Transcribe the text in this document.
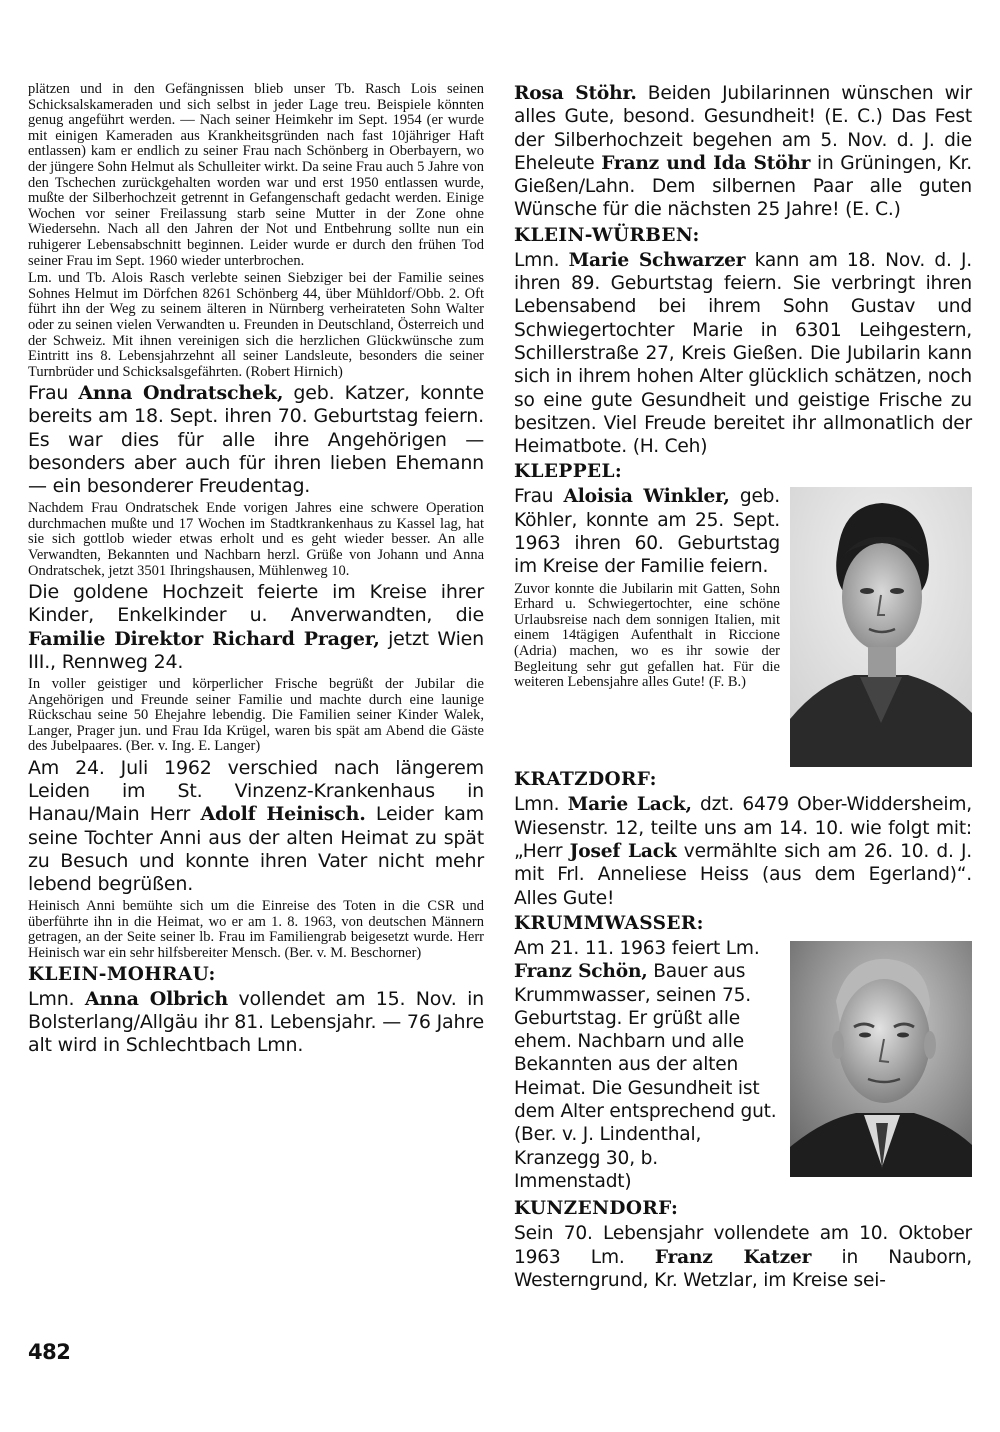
plätzen und in den Gefängnissen blieb unser Tb. Rasch Lois seinen Schicksalskameraden und sich selbst in jeder Lage treu. Beispiele könnten genug angeführt werden. — Nach seiner Heimkehr im Sept. 1954 (er wurde mit einigen Kameraden aus Krankheitsgründen nach fast 10jähriger Haft entlassen) kam er endlich zu seiner Frau nach Schönberg in Oberbayern, wo der jüngere Sohn Helmut als Schulleiter wirkt. Da seine Frau auch 5 Jahre von den Tschechen zurückgehalten worden war und erst 1950 entlassen wurde, mußte der Silberhochzeit getrennt in Gefangenschaft gedacht werden. Einige Wochen vor seiner Freilassung starb seine Mutter in der Zone ohne Wiedersehn. Nach all den Jahren der Not und Entbehrung sollte nun ein ruhigerer Lebensabschnitt beginnen. Leider wurde er durch den frühen Tod seiner Frau im Sept. 1960 wieder unterbrochen.

Lm. und Tb. Alois Rasch verlebte seinen Siebziger bei der Familie seines Sohnes Helmut im Dörfchen 8261 Schönberg 44, über Mühldorf/Obb. 2. Oft führt ihn der Weg zu seinem älteren in Nürnberg verheirateten Sohn Walter oder zu seinen vielen Verwandten u. Freunden in Deutschland, Österreich und der Schweiz. Mit ihnen vereinigen sich die herzlichen Glückwünsche zum Eintritt ins 8. Lebensjahrzehnt all seiner Landsleute, besonders die seiner Turnbrüder und Schicksalsgefährten. (Robert Hirnich)

Frau Anna Ondratschek, geb. Katzer, konnte bereits am 18. Sept. ihren 70. Geburtstag feiern. Es war dies für alle ihre Angehörigen — besonders aber auch für ihren lieben Ehemann — ein besonderer Freudentag.

Nachdem Frau Ondratschek Ende vorigen Jahres eine schwere Operation durchmachen mußte und 17 Wochen im Stadtkrankenhaus zu Kassel lag, hat sie sich gottlob wieder etwas erholt und es geht wieder besser. An alle Verwandten, Bekannten und Nachbarn herzl. Grüße von Johann und Anna Ondratschek, jetzt 3501 Ihringshausen, Mühlenweg 10.

Die goldene Hochzeit feierte im Kreise ihrer Kinder, Enkelkinder u. Anverwandten, die Familie Direktor Richard Prager, jetzt Wien III., Rennweg 24.

In voller geistiger und körperlicher Frische begrüßt der Jubilar die Angehörigen und Freunde seiner Familie und machte durch eine launige Rückschau seine 50 Ehejahre lebendig. Die Familien seiner Kinder Walek, Langer, Prager jun. und Frau Ida Krügel, waren bis spät am Abend die Gäste des Jubelpaares. (Ber. v. Ing. E. Langer)

Am 24. Juli 1962 verschied nach längerem Leiden im St. Vinzenz-Krankenhaus in Hanau/Main Herr Adolf Heinisch. Leider kam seine Tochter Anni aus der alten Heimat zu spät zu Besuch und konnte ihren Vater nicht mehr lebend begrüßen.

Heinisch Anni bemühte sich um die Einreise des Toten in die CSR und überführte ihn in die Heimat, wo er am 1. 8. 1963, von deutschen Männern getragen, an der Seite seiner lb. Frau im Familiengrab beigesetzt wurde. Herr Heinisch war ein sehr hilfsbereiter Mensch. (Ber. v. M. Beschorner)

KLEIN-MOHRAU:

Lmn. Anna Olbrich vollendet am 15. Nov. in Bolsterlang/Allgäu ihr 81. Lebensjahr. — 76 Jahre alt wird in Schlechtbach Lmn.

Rosa Stöhr. Beiden Jubilarinnen wünschen wir alles Gute, besond. Gesundheit! (E. C.) Das Fest der Silberhochzeit begehen am 5. Nov. d. J. die Eheleute Franz und Ida Stöhr in Grüningen, Kr. Gießen/Lahn. Dem silbernen Paar alle guten Wünsche für die nächsten 25 Jahre! (E. C.)

KLEIN-WÜRBEN:

Lmn. Marie Schwarzer kann am 18. Nov. d. J. ihren 89. Geburtstag feiern. Sie verbringt ihren Lebensabend bei ihrem Sohn Gustav und Schwiegertochter Marie in 6301 Leihgestern, Schillerstraße 27, Kreis Gießen. Die Jubilarin kann sich in ihrem hohen Alter glücklich schätzen, noch so eine gute Gesundheit und geistige Frische zu besitzen. Viel Freude bereitet ihr allmonatlich der Heimatbote. (H. Ceh)

KLEPPEL:

Frau Aloisia Winkler, geb. Köhler, konnte am 25. Sept. 1963 ihren 60. Geburtstag im Kreise der Familie feiern.

Zuvor konnte die Jubilarin mit Gatten, Sohn Erhard u. Schwiegertochter, eine schöne Urlaubsreise nach dem sonnigen Italien, mit einem 14tägigen Aufenthalt in Riccione (Adria) machen, wo es ihr sowie der Begleitung sehr gut gefallen hat. Für die weiteren Lebensjahre alles Gute! (F. B.)

KRATZDORF:

Lmn. Marie Lack, dzt. 6479 Ober-Widdersheim, Wiesenstr. 12, teilte uns am 14. 10. wie folgt mit: „Herr Josef Lack vermählte sich am 26. 10. d. J. mit Frl. Anneliese Heiss (aus dem Egerland)“. Alles Gute!

KRUMMWASSER:

Am 21. 11. 1963 feiert Lm. Franz Schön, Bauer aus Krummwasser, seinen 75. Geburtstag. Er grüßt alle ehem. Nachbarn und alle Bekannten aus der alten Heimat. Die Gesundheit ist dem Alter entsprechend gut. (Ber. v. J. Lindenthal, Kranzegg 30, b. Immenstadt)

KUNZENDORF:

Sein 70. Lebensjahr vollendete am 10. Oktober 1963 Lm. Franz Katzer in Nauborn, Westerngrund, Kr. Wetzlar, im Kreise sei-

482
